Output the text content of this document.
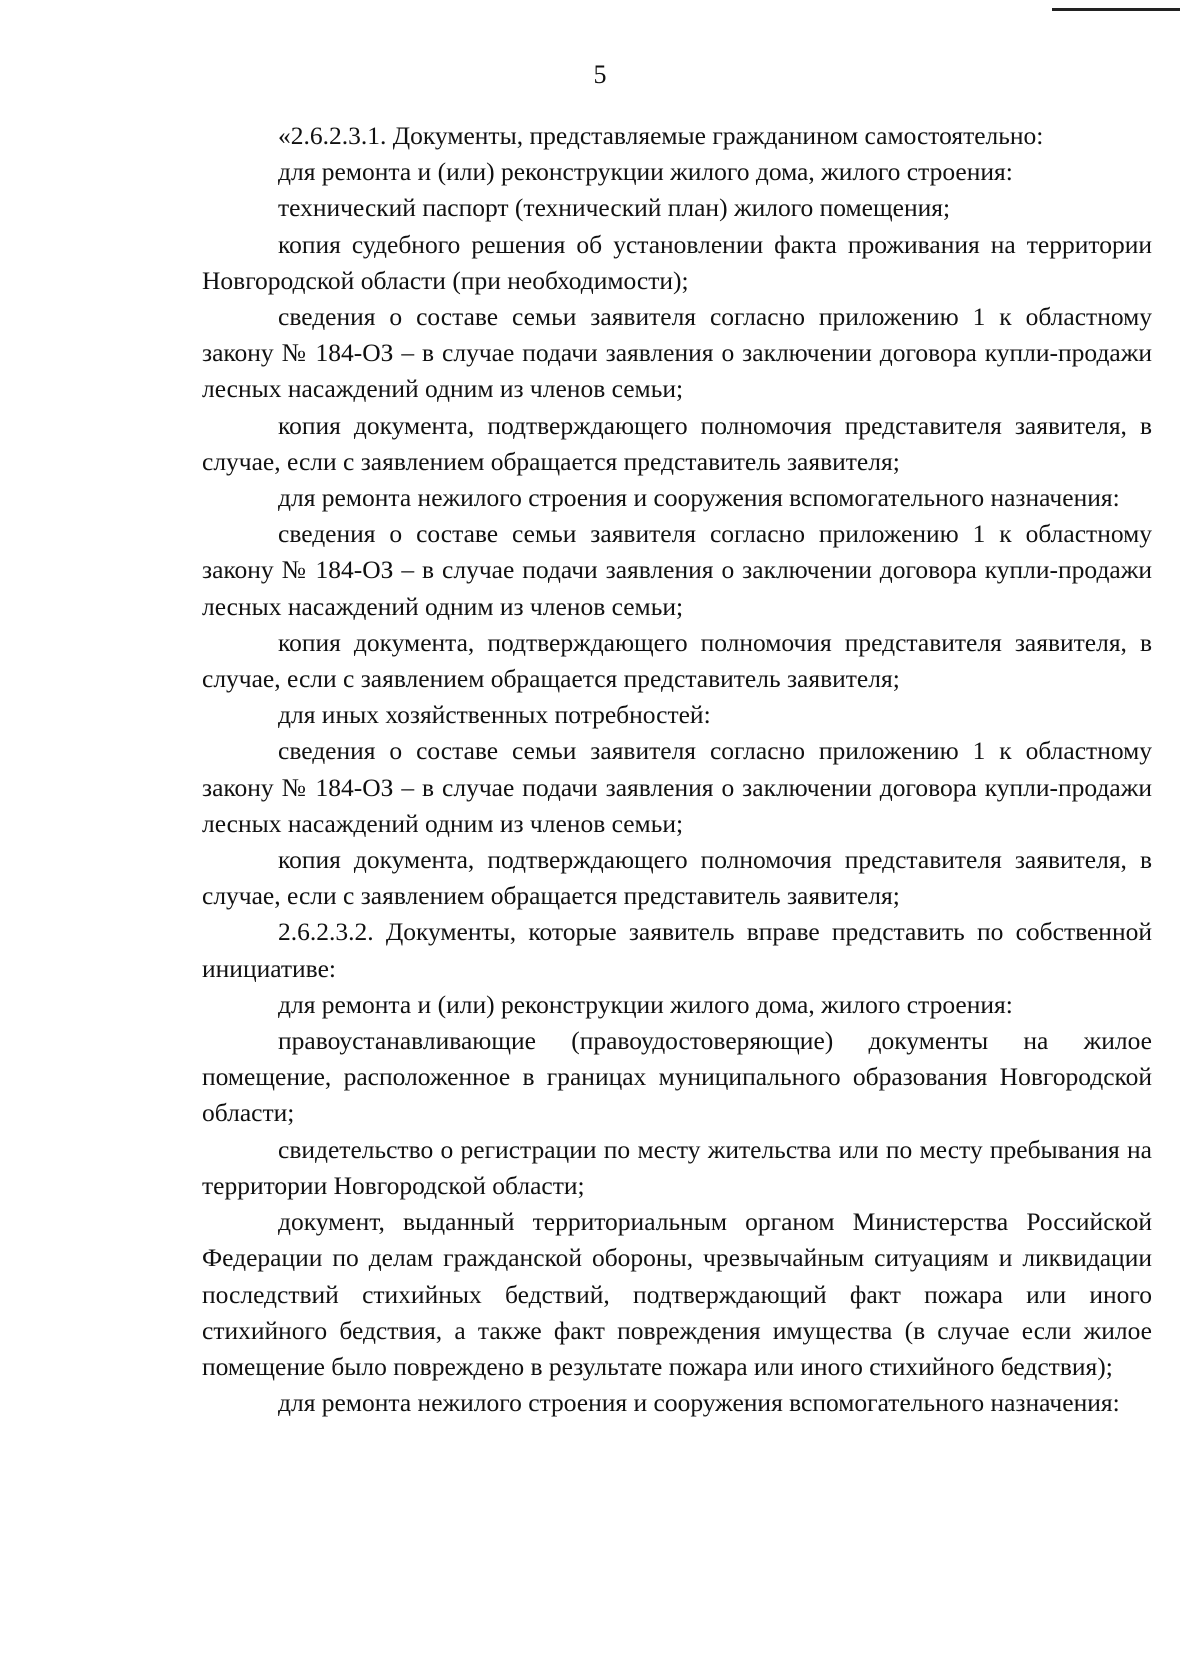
5

«2.6.2.3.1. Документы, представляемые гражданином самостоятельно:

для ремонта и (или) реконструкции жилого дома, жилого строения:

технический паспорт (технический план) жилого помещения;

копия судебного решения об установлении факта проживания на территории Новгородской области (при необходимости);

сведения о составе семьи заявителя согласно приложению 1 к областному закону № 184-ОЗ – в случае подачи заявления о заключении договора купли-продажи лесных насаждений одним из членов семьи;

копия документа, подтверждающего полномочия представителя заявителя, в случае, если с заявлением обращается представитель заявителя;

для ремонта нежилого строения и сооружения вспомогательного назначения:

сведения о составе семьи заявителя согласно приложению 1 к областному закону № 184-ОЗ – в случае подачи заявления о заключении договора купли-продажи лесных насаждений одним из членов семьи;

копия документа, подтверждающего полномочия представителя заявителя, в случае, если с заявлением обращается представитель заявителя;

для иных хозяйственных потребностей:

сведения о составе семьи заявителя согласно приложению 1 к областному закону № 184-ОЗ – в случае подачи заявления о заключении договора купли-продажи лесных насаждений одним из членов семьи;

копия документа, подтверждающего полномочия представителя заявителя, в случае, если с заявлением обращается представитель заявителя;

2.6.2.3.2. Документы, которые заявитель вправе представить по собственной инициативе:

для ремонта и (или) реконструкции жилого дома, жилого строения:

правоустанавливающие (правоудостоверяющие) документы на жилое помещение, расположенное в границах муниципального образования Новгородской области;

свидетельство о регистрации по месту жительства или по месту пребывания на территории Новгородской области;

документ, выданный территориальным органом Министерства Российской Федерации по делам гражданской обороны, чрезвычайным ситуациям и ликвидации последствий стихийных бедствий, подтверждающий факт пожара или иного стихийного бедствия, а также факт повреждения имущества (в случае если жилое помещение было повреждено в результате пожара или иного стихийного бедствия);

для ремонта нежилого строения и сооружения вспомогательного назначения:
